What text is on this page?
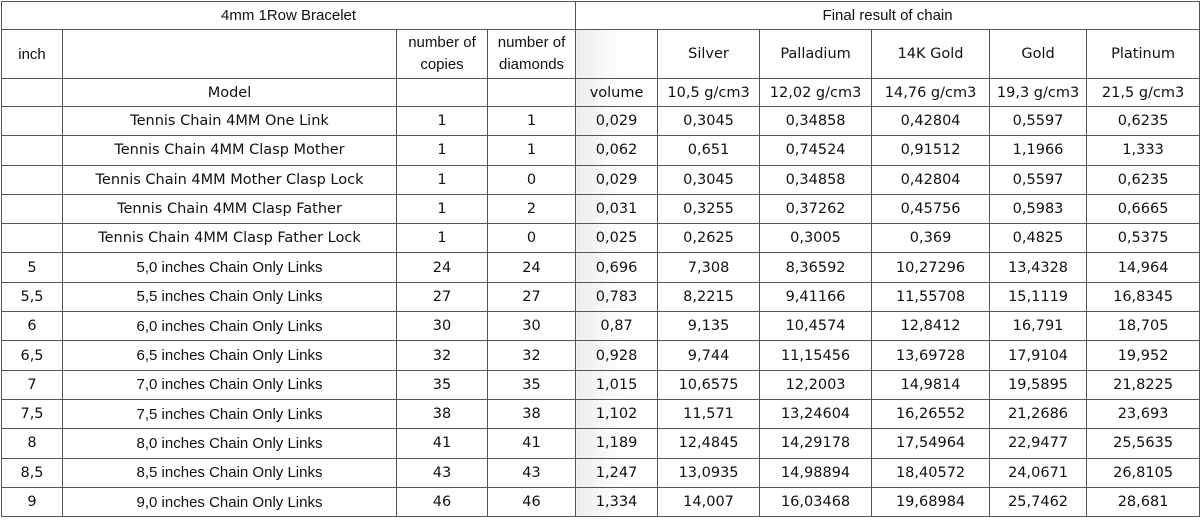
4mm 1Row Bracelet				Final result of chain					
inch		number of copies	number of diamonds		Silver	Palladium	14K Gold	Gold	Platinum
	Model			volume	10,5 g/cm3	12,02 g/cm3	14,76 g/cm3	19,3 g/cm3	21,5 g/cm3
	Tennis Chain 4MM One Link	1	1	0,029	0,3045	0,34858	0,42804	0,5597	0,6235
	Tennis Chain 4MM Clasp Mother	1	1	0,062	0,651	0,74524	0,91512	1,1966	1,333
	Tennis Chain 4MM Mother Clasp Lock	1	0	0,029	0,3045	0,34858	0,42804	0,5597	0,6235
	Tennis Chain 4MM Clasp Father	1	2	0,031	0,3255	0,37262	0,45756	0,5983	0,6665
	Tennis Chain 4MM Clasp Father Lock	1	0	0,025	0,2625	0,3005	0,369	0,4825	0,5375
5	5,0 inches Chain Only Links	24	24	0,696	7,308	8,36592	10,27296	13,4328	14,964
5,5	5,5 inches Chain Only Links	27	27	0,783	8,2215	9,41166	11,55708	15,1119	16,8345
6	6,0 inches Chain Only Links	30	30	0,87	9,135	10,4574	12,8412	16,791	18,705
6,5	6,5 inches Chain Only Links	32	32	0,928	9,744	11,15456	13,69728	17,9104	19,952
7	7,0 inches Chain Only Links	35	35	1,015	10,6575	12,2003	14,9814	19,5895	21,8225
7,5	7,5 inches Chain Only Links	38	38	1,102	11,571	13,24604	16,26552	21,2686	23,693
8	8,0 inches Chain Only Links	41	41	1,189	12,4845	14,29178	17,54964	22,9477	25,5635
8,5	8,5 inches Chain Only Links	43	43	1,247	13,0935	14,98894	18,40572	24,0671	26,8105
9	9,0 inches Chain Only Links	46	46	1,334	14,007	16,03468	19,68984	25,7462	28,681
